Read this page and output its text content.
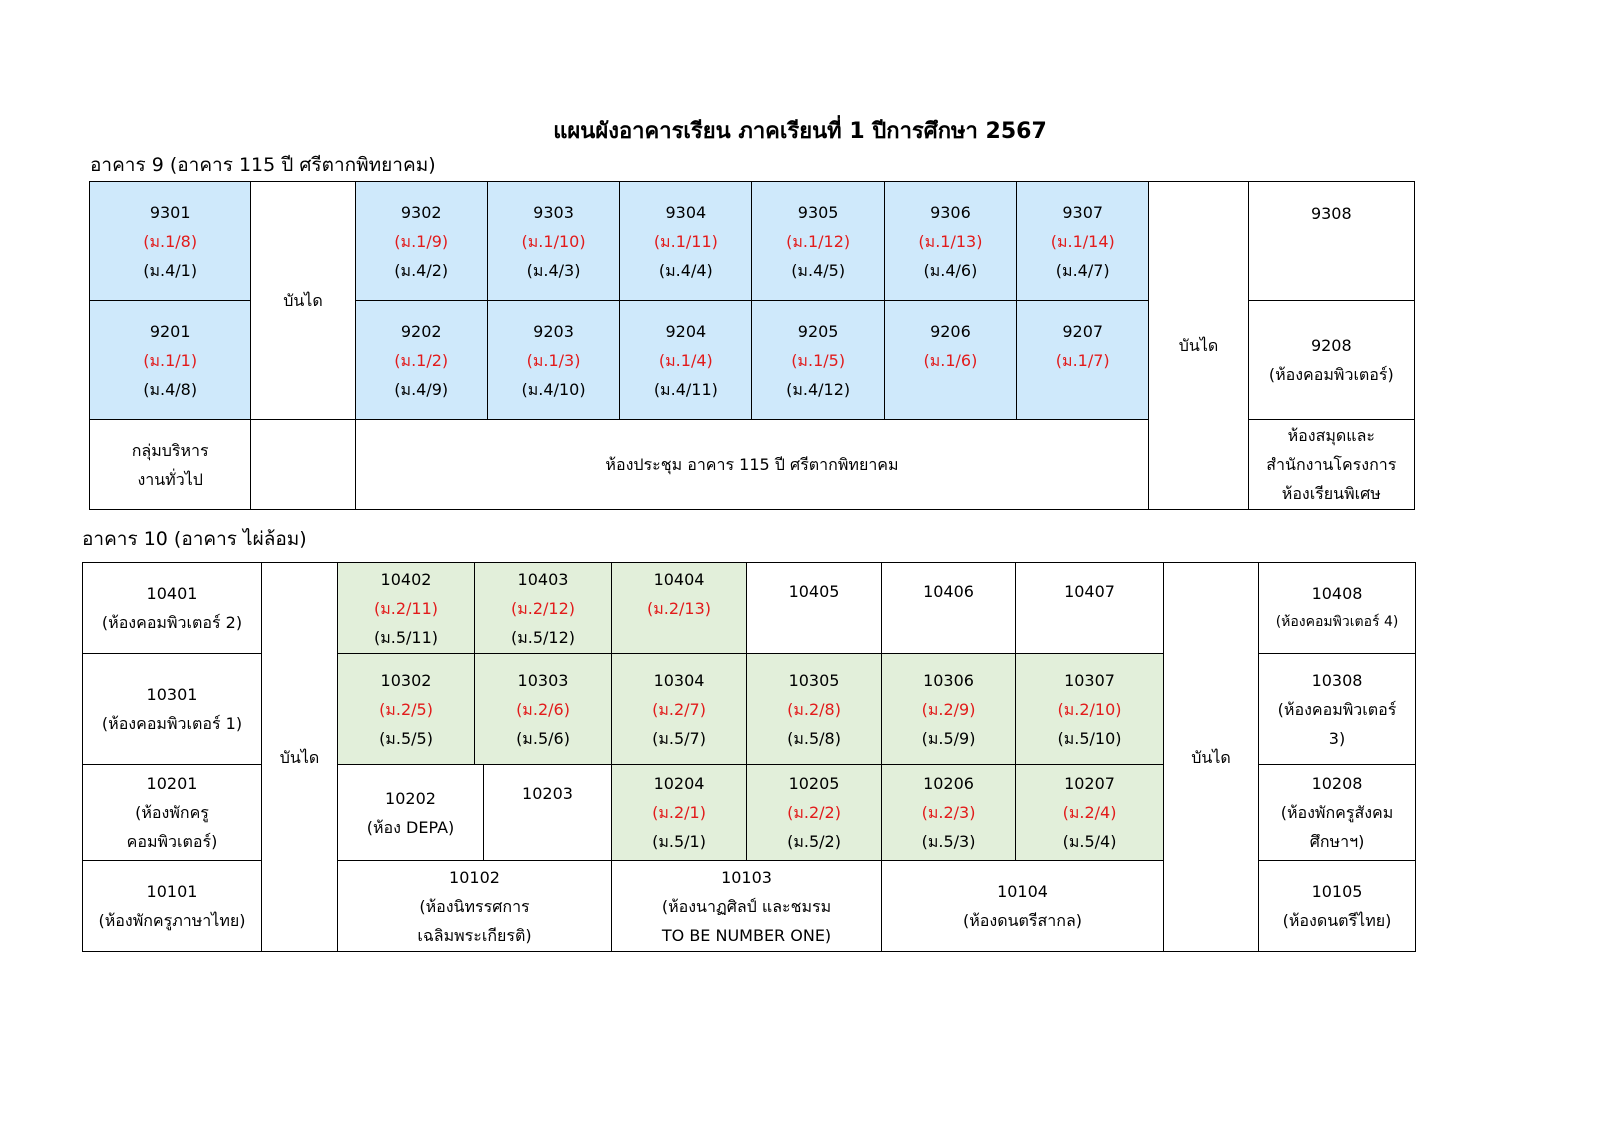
แผนผังอาคารเรียน ภาคเรียนที่ 1 ปีการศึกษา 2567
อาคาร 9 (อาคาร 115 ปี ศรีตากพิทยาคม)
9301
(ม.1/8)
(ม.4/1)	บันได	9302
(ม.1/9)
(ม.4/2)	9303
(ม.1/10)
(ม.4/3)	9304
(ม.1/11)
(ม.4/4)	9305
(ม.1/12)
(ม.4/5)	9306
(ม.1/13)
(ม.4/6)	9307
(ม.1/14)
(ม.4/7)	บันได	9308

9201
(ม.1/1)
(ม.4/8)		9202
(ม.1/2)
(ม.4/9)	9203
(ม.1/3)
(ม.4/10)	9204
(ม.1/4)
(ม.4/11)	9205
(ม.1/5)
(ม.4/12)	9206
(ม.1/6)	9207
(ม.1/7)		9208
(ห้องคอมพิวเตอร์)

กลุ่มบริหาร
งานทั่วไป		ห้องประชุม อาคาร 115 ปี ศรีตากพิทยาคม							ห้องสมุดและ
สำนักงานโครงการ
ห้องเรียนพิเศษ
อาคาร 10 (อาคาร ไผ่ล้อม)
10401
(ห้องคอมพิวเตอร์ 2)	บันได	10402
(ม.2/11)
(ม.5/11)	10403
(ม.2/12)
(ม.5/12)		10404
(ม.2/13)	10405	10406	10407	บันได	10408
(ห้องคอมพิวเตอร์ 4)

10301
(ห้องคอมพิวเตอร์ 1)		10302
(ม.2/5)
(ม.5/5)	10303
(ม.2/6)
(ม.5/6)		10304
(ม.2/7)
(ม.5/7)	10305
(ม.2/8)
(ม.5/8)	10306
(ม.2/9)
(ม.5/9)	10307
(ม.2/10)
(ม.5/10)		10308
(ห้องคอมพิวเตอร์
3)

10201
(ห้องพักครู
คอมพิวเตอร์)		10202
(ห้อง DEPA)		10203	10204
(ม.2/1)
(ม.5/1)	10205
(ม.2/2)
(ม.5/2)	10206
(ม.2/3)
(ม.5/3)	10207
(ม.2/4)
(ม.5/4)		10208
(ห้องพักครูสังคม
ศึกษาฯ)

10101
(ห้องพักครูภาษาไทย)		10102
(ห้องนิทรรศการ
เฉลิมพระเกียรติ)			10103
(ห้องนาฏศิลป์ และชมรม
TO BE NUMBER ONE)		10104
(ห้องดนตรีสากล)			10105
(ห้องดนตรีไทย)
